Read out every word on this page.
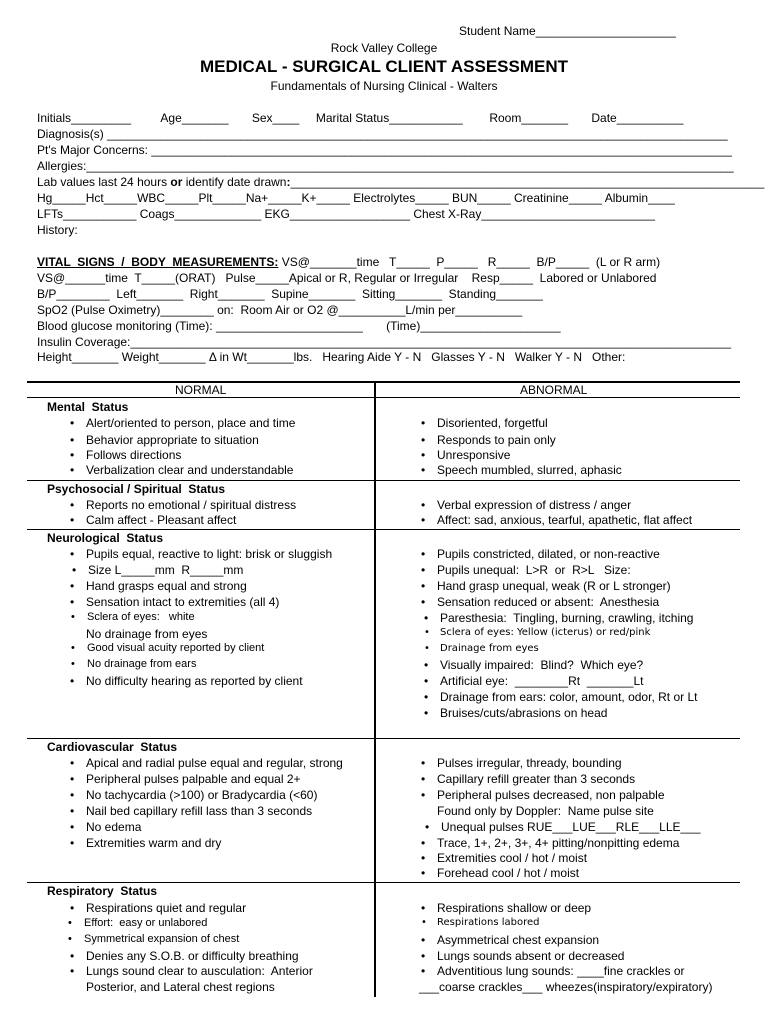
Student Name_____________________
Rock Valley College
MEDICAL - SURGICAL CLIENT ASSESSMENT
Fundamentals of Nursing Clinical - Walters
Initials_________         Age_______       Sex____     Marital Status___________        Room_______       Date__________
Diagnosis(s) _____________________________________________________________________________________________
Pt's Major Concerns: _______________________________________________________________________________________
Allergies:_________________________________________________________________________________________________
Lab values last 24 hours or identify date drawn:_______________________________________________________________________
Hg_____Hct_____WBC_____Plt_____Na+_____K+_____ Electrolytes_____ BUN_____ Creatinine_____ Albumin____
LFTs___________ Coags_____________ EKG__________________ Chest X-Ray__________________________
History:
VITAL  SIGNS  /  BODY  MEASUREMENTS: VS@_______time   T_____  P_____   R_____  B/P_____  (L or R arm)
VS@______time  T_____(ORAT)   Pulse_____Apical or R, Regular or Irregular    Resp_____  Labored or Unlabored
B/P________  Left_______  Right_______  Supine_______  Sitting_______  Standing_______
SpO2 (Pulse Oximetry)________ on:  Room Air or O2 @__________L/min per__________
Blood glucose monitoring (Time): ______________________       (Time)_____________________
Insulin Coverage:__________________________________________________________________________________________
Height_______ Weight_______ Δ in Wt_______lbs.   Hearing Aide Y - N   Glasses Y - N   Walker Y - N   Other:
NORMAL	ABNORMAL
Mental  Status
• Alert/oriented to person, place and time
• Behavior appropriate to situation
• Follows directions
• Verbalization clear and understandable
• Disoriented, forgetful
• Responds to pain only
• Unresponsive
• Speech mumbled, slurred, aphasic
Psychosocial / Spiritual  Status
• Reports no emotional / spiritual distress
• Calm affect - Pleasant affect
• Verbal expression of distress / anger
• Affect: sad, anxious, tearful, apathetic, flat affect
Neurological  Status
• Pupils equal, reactive to light: brisk or sluggish
• Size L_____mm  R_____mm
• Hand grasps equal and strong
• Sensation intact to extremities (all 4)
• Sclera of eyes:   white
No drainage from eyes
• Good visual acuity reported by client
• No drainage from ears
• No difficulty hearing as reported by client
• Pupils constricted, dilated, or non-reactive
• Pupils unequal:  L>R  or  R>L   Size:
• Hand grasp unequal, weak (R or L stronger)
• Sensation reduced or absent:  Anesthesia
• Paresthesia:  Tingling, burning, crawling, itching
• Sclera of eyes: Yellow (icterus) or red/pink
• Drainage from eyes
• Visually impaired:  Blind?  Which eye?
• Artificial eye:  ________Rt  _______Lt
• Drainage from ears: color, amount, odor, Rt or Lt
• Bruises/cuts/abrasions on head
Cardiovascular  Status
• Apical and radial pulse equal and regular, strong
• Peripheral pulses palpable and equal 2+
• No tachycardia (>100) or Bradycardia (<60)
• Nail bed capillary refill lass than 3 seconds
• No edema
• Extremities warm and dry
• Pulses irregular, thready, bounding
• Capillary refill greater than 3 seconds
• Peripheral pulses decreased, non palpable
Found only by Doppler:  Name pulse site
• Unequal pulses RUE___LUE___RLE___LLE___
• Trace, 1+, 2+, 3+, 4+ pitting/nonpitting edema
• Extremities cool / hot / moist
• Forehead cool / hot / moist
Respiratory  Status
• Respirations quiet and regular
• Effort:  easy or unlabored
• Symmetrical expansion of chest
• Denies any S.O.B. or difficulty breathing
• Lungs sound clear to ausculation:  Anterior
Posterior, and Lateral chest regions
• Respirations shallow or deep
• Respirations labored
• Asymmetrical chest expansion
• Lungs sounds absent or decreased
• Adventitious lung sounds: ____fine crackles or
___coarse crackles___ wheezes(inspiratory/expiratory)
